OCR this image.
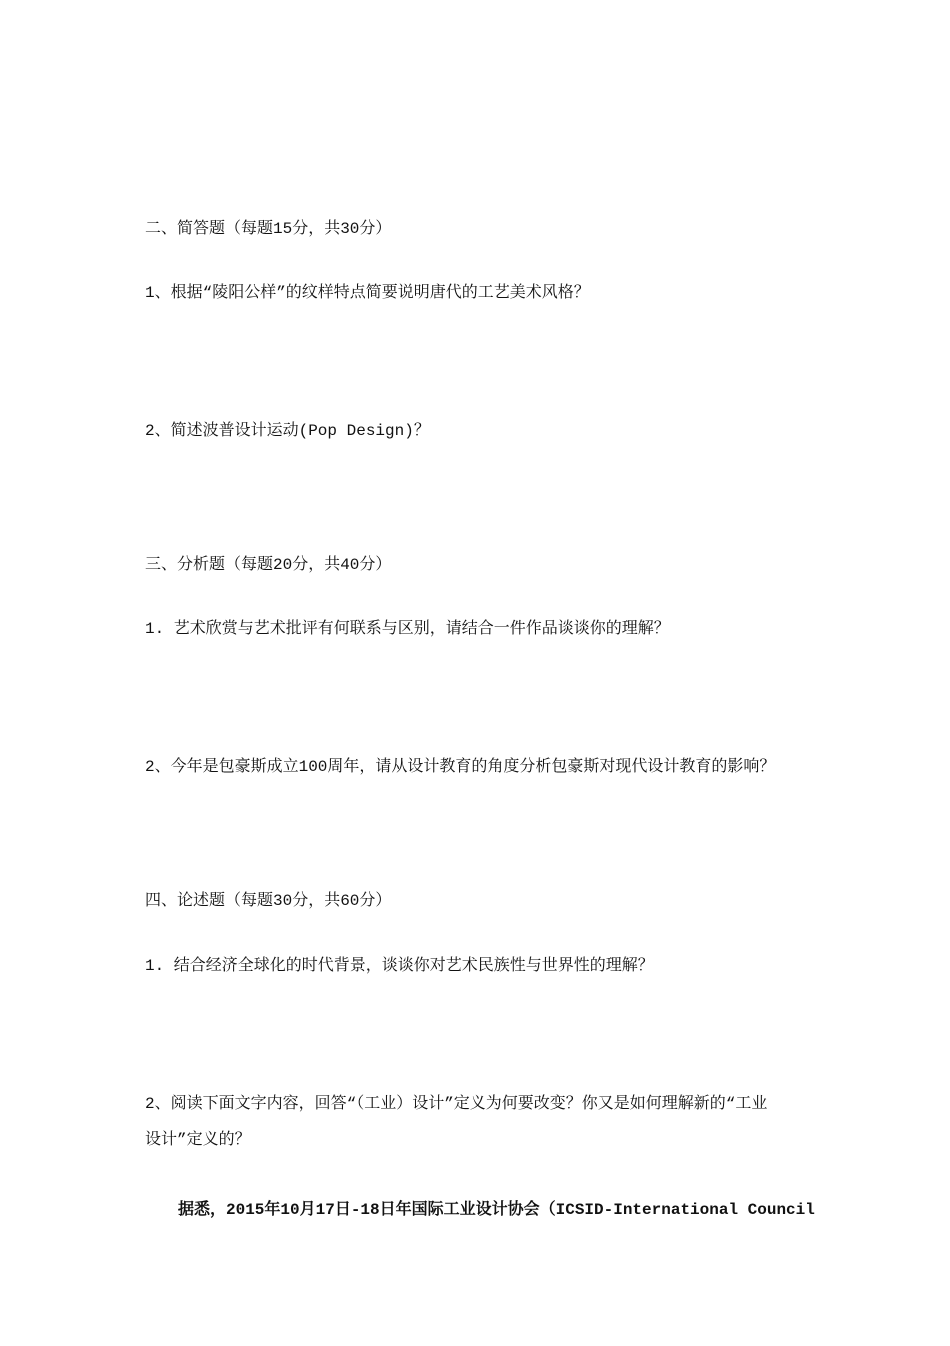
二、简答题（每题15分，共30分）
1、根据“陵阳公样”的纹样特点简要说明唐代的工艺美术风格？
2、简述波普设计运动(Pop Design)？
三、分析题（每题20分，共40分）
1. 艺术欣赏与艺术批评有何联系与区别，请结合一件作品谈谈你的理解？
2、今年是包豪斯成立100周年，请从设计教育的角度分析包豪斯对现代设计教育的影响？
四、论述题（每题30分，共60分）
1. 结合经济全球化的时代背景，谈谈你对艺术民族性与世界性的理解？
2、阅读下面文字内容，回答“（工业）设计”定义为何要改变？你又是如何理解新的“工业
设计”定义的？
据悉，2015年10月17日-18日年国际工业设计协会（ICSID-International Council
